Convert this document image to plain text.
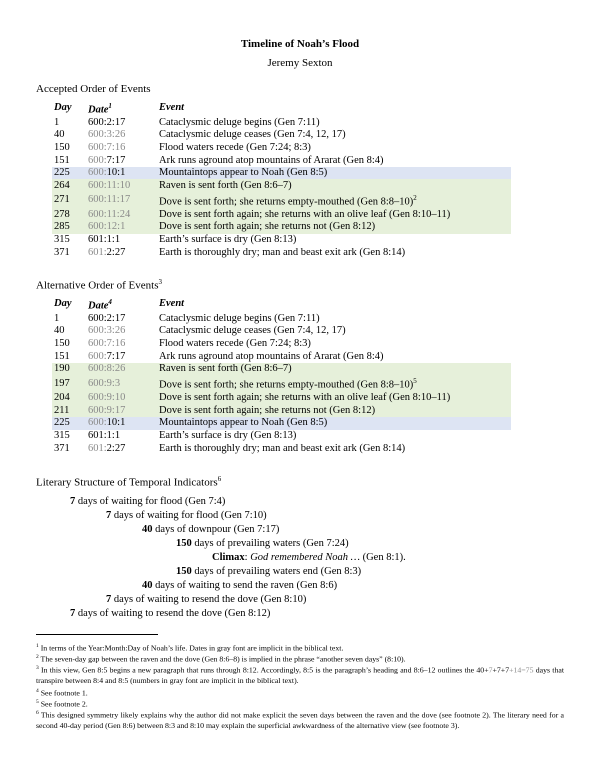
Timeline of Noah’s Flood
Jeremy Sexton
Accepted Order of Events
Day	Date$^1$	Event
1	600:2:17	Cataclysmic deluge begins (Gen 7:11)
40	600:3:26	Cataclysmic deluge ceases (Gen 7:4, 12, 17)
150	600:7:16	Flood waters recede (Gen 7:24; 8:3)
151	600:7:17	Ark runs aground atop mountains of Ararat (Gen 8:4)
225	600:10:1	Mountaintops appear to Noah (Gen 8:5)
264	600:11:10	Raven is sent forth (Gen 8:6–7)
271	600:11:17	Dove is sent forth; she returns empty-mouthed (Gen 8:8–10)$^2$
278	600:11:24	Dove is sent forth again; she returns with an olive leaf (Gen 8:10–11)
285	600:12:1	Dove is sent forth again; she returns not (Gen 8:12)
315	601:1:1	Earth’s surface is dry (Gen 8:13)
371	601:2:27	Earth is thoroughly dry; man and beast exit ark (Gen 8:14)
Alternative Order of Events$^3$
Day	Date$^4$	Event
1	600:2:17	Cataclysmic deluge begins (Gen 7:11)
40	600:3:26	Cataclysmic deluge ceases (Gen 7:4, 12, 17)
150	600:7:16	Flood waters recede (Gen 7:24; 8:3)
151	600:7:17	Ark runs aground atop mountains of Ararat (Gen 8:4)
190	600:8:26	Raven is sent forth (Gen 8:6–7)
197	600:9:3	Dove is sent forth; she returns empty-mouthed (Gen 8:8–10)$^5$
204	600:9:10	Dove is sent forth again; she returns with an olive leaf (Gen 8:10–11)
211	600:9:17	Dove is sent forth again; she returns not (Gen 8:12)
225	600:10:1	Mountaintops appear to Noah (Gen 8:5)
315	601:1:1	Earth’s surface is dry (Gen 8:13)
371	601:2:27	Earth is thoroughly dry; man and beast exit ark (Gen 8:14)
Literary Structure of Temporal Indicators$^6$
7 days of waiting for flood (Gen 7:4)
7 days of waiting for flood (Gen 7:10)
40 days of downpour (Gen 7:17)
150 days of prevailing waters (Gen 7:24)
Climax: God remembered Noah … (Gen 8:1).
150 days of prevailing waters end (Gen 8:3)
40 days of waiting to send the raven (Gen 8:6)
7 days of waiting to resend the dove (Gen 8:10)
7 days of waiting to resend the dove (Gen 8:12)
$^1$ In terms of the Year:Month:Day of Noah’s life. Dates in gray font are implicit in the biblical text.
$^2$ The seven-day gap between the raven and the dove (Gen 8:6–8) is implied in the phrase “another seven days” (8:10).
$^3$ In this view, Gen 8:5 begins a new paragraph that runs through 8:12. Accordingly, 8:5 is the paragraph’s heading and 8:6–12 outlines the 40+7+7+7+14=75 days that transpire between 8:4 and 8:5 (numbers in gray font are implicit in the biblical text).
$^4$ See footnote 1.
$^5$ See footnote 2.
$^6$ This designed symmetry likely explains why the author did not make explicit the seven days between the raven and the dove (see footnote 2). The literary need for a second 40-day period (Gen 8:6) between 8:3 and 8:10 may explain the superficial awkwardness of the alternative view (see footnote 3).
